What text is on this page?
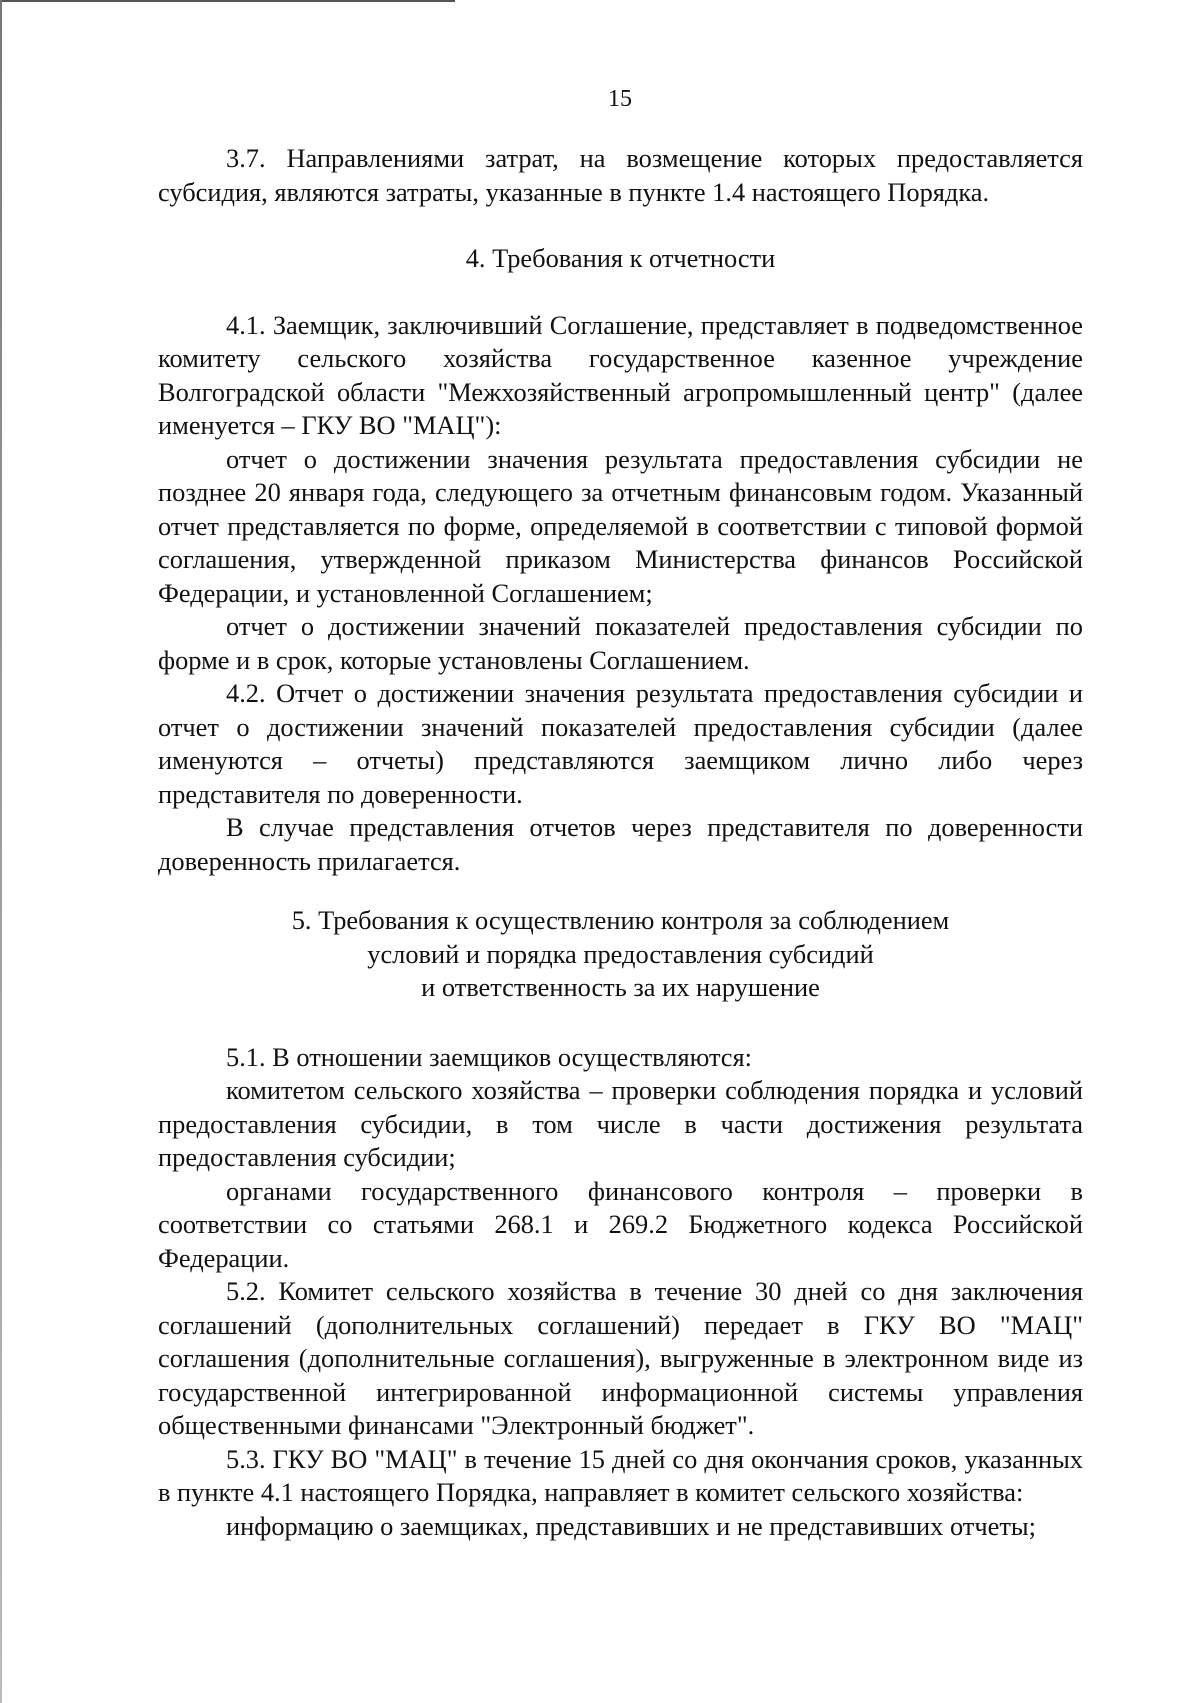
15

3.7. Направлениями затрат, на возмещение которых предоставляется субсидия, являются затраты, указанные в пункте 1.4 настоящего Порядка.

4. Требования к отчетности

4.1. Заемщик, заключивший Соглашение, представляет в подведомственное комитету сельского хозяйства государственное казенное учреждение Волгоградской области "Межхозяйственный агропромышленный центр" (далее именуется – ГКУ ВО "МАЦ"):

отчет о достижении значения результата предоставления субсидии не позднее 20 января года, следующего за отчетным финансовым годом. Указанный отчет представляется по форме, определяемой в соответствии с типовой формой соглашения, утвержденной приказом Министерства финансов Российской Федерации, и установленной Соглашением;

отчет о достижении значений показателей предоставления субсидии по форме и в срок, которые установлены Соглашением.

4.2. Отчет о достижении значения результата предоставления субсидии и отчет о достижении значений показателей предоставления субсидии (далее именуются – отчеты) представляются заемщиком лично либо через представителя по доверенности.

В случае представления отчетов через представителя по доверенности доверенность прилагается.

5. Требования к осуществлению контроля за соблюдением

условий и порядка предоставления субсидий

и ответственность за их нарушение

5.1. В отношении заемщиков осуществляются:

комитетом сельского хозяйства – проверки соблюдения порядка и условий предоставления субсидии, в том числе в части достижения результата предоставления субсидии;

органами государственного финансового контроля – проверки в соответствии со статьями 268.1 и 269.2 Бюджетного кодекса Российской Федерации.

5.2. Комитет сельского хозяйства в течение 30 дней со дня заключения соглашений (дополнительных соглашений) передает в ГКУ ВО "МАЦ" соглашения (дополнительные соглашения), выгруженные в электронном виде из государственной интегрированной информационной системы управления общественными финансами "Электронный бюджет".

5.3. ГКУ ВО "МАЦ" в течение 15 дней со дня окончания сроков, указанных в пункте 4.1 настоящего Порядка, направляет в комитет сельского хозяйства:

информацию о заемщиках, представивших и не представивших отчеты;
